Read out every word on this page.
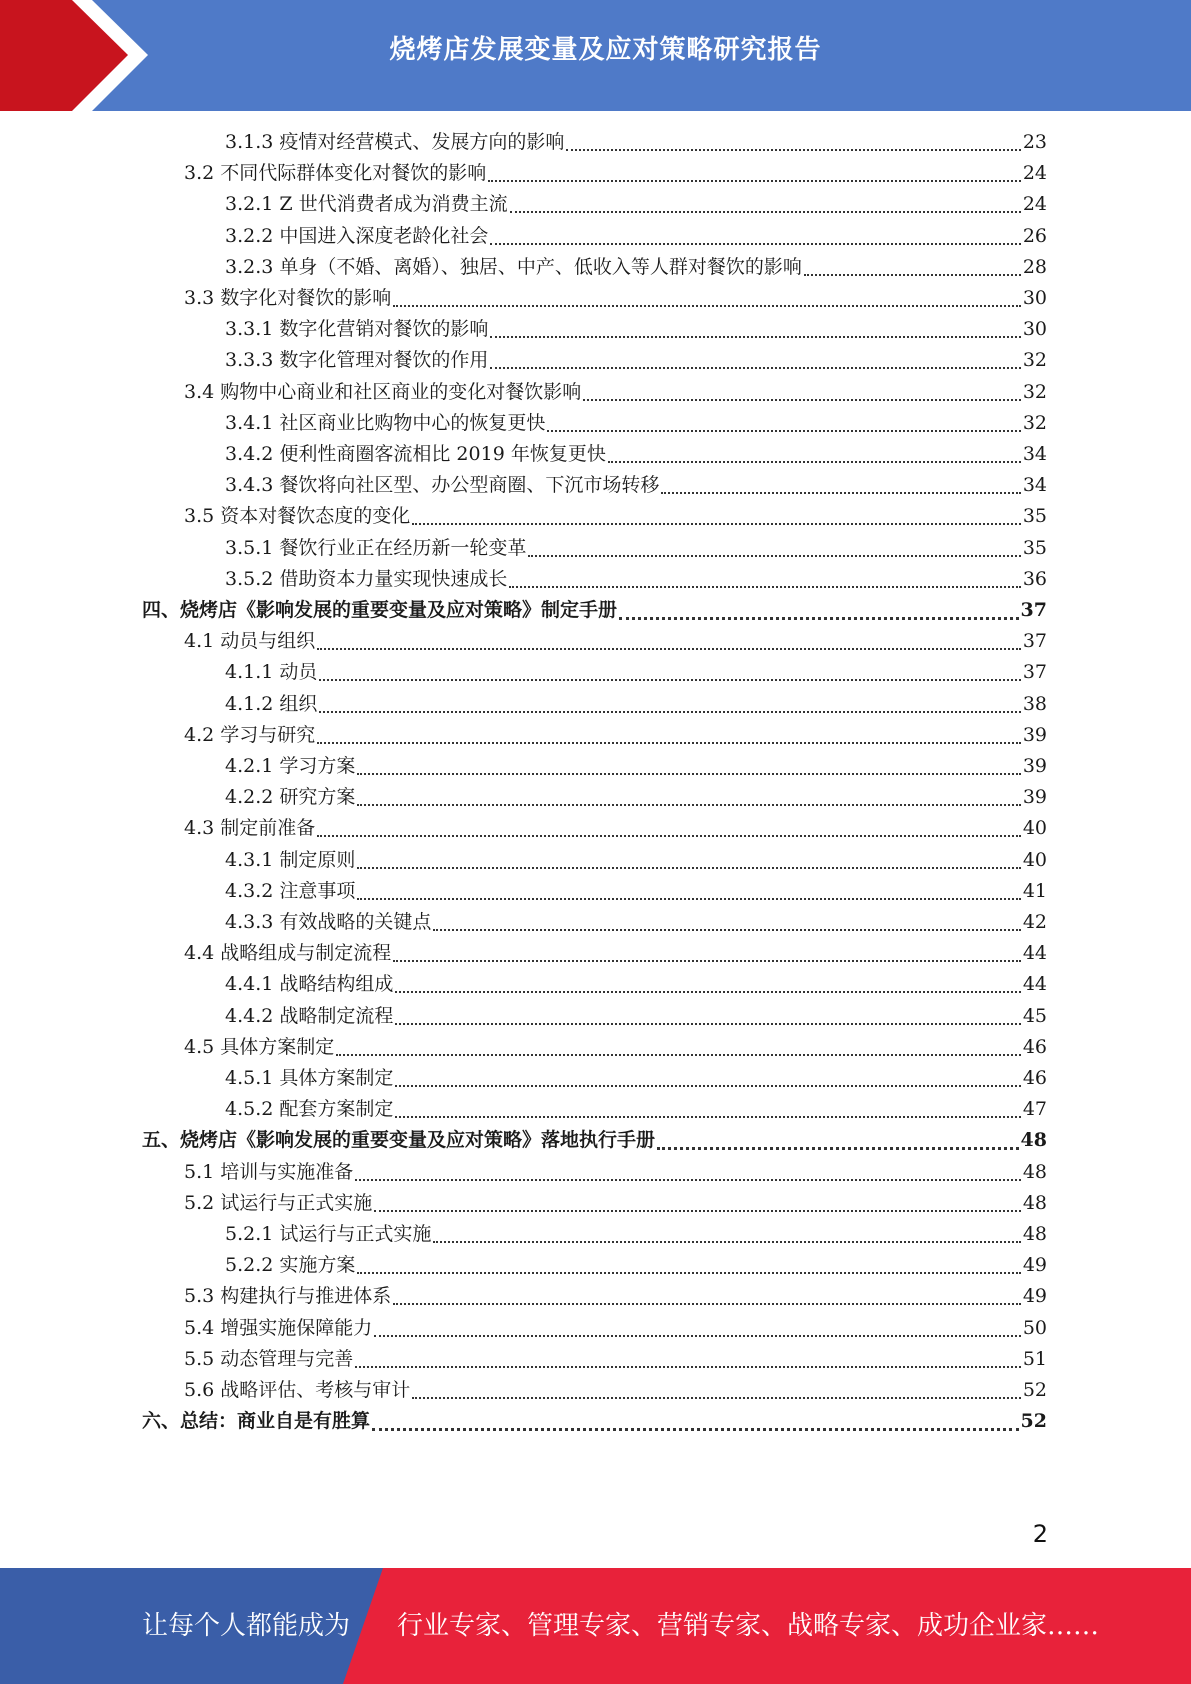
烧烤店发展变量及应对策略研究报告
3.1.3 疫情对经营模式、发展方向的影响	23
3.2 不同代际群体变化对餐饮的影响	24
3.2.1 Z 世代消费者成为消费主流	24
3.2.2 中国进入深度老龄化社会	26
3.2.3 单身（不婚、离婚）、独居、中产、低收入等人群对餐饮的影响	28
3.3 数字化对餐饮的影响	30
3.3.1 数字化营销对餐饮的影响	30
3.3.3 数字化管理对餐饮的作用	32
3.4 购物中心商业和社区商业的变化对餐饮影响	32
3.4.1 社区商业比购物中心的恢复更快	32
3.4.2 便利性商圈客流相比 2019 年恢复更快	34
3.4.3 餐饮将向社区型、办公型商圈、下沉市场转移	34
3.5 资本对餐饮态度的变化	35
3.5.1 餐饮行业正在经历新一轮变革	35
3.5.2 借助资本力量实现快速成长	36
四、烧烤店《影响发展的重要变量及应对策略》制定手册	37
4.1 动员与组织	37
4.1.1 动员	37
4.1.2 组织	38
4.2 学习与研究	39
4.2.1 学习方案	39
4.2.2 研究方案	39
4.3 制定前准备	40
4.3.1 制定原则	40
4.3.2 注意事项	41
4.3.3 有效战略的关键点	42
4.4 战略组成与制定流程	44
4.4.1 战略结构组成	44
4.4.2 战略制定流程	45
4.5 具体方案制定	46
4.5.1 具体方案制定	46
4.5.2 配套方案制定	47
五、烧烤店《影响发展的重要变量及应对策略》落地执行手册	48
5.1 培训与实施准备	48
5.2 试运行与正式实施	48
5.2.1 试运行与正式实施	48
5.2.2 实施方案	49
5.3 构建执行与推进体系	49
5.4 增强实施保障能力	50
5.5 动态管理与完善	51
5.6 战略评估、考核与审计	52
六、总结：商业自是有胜算	52
2
让每个人都能成为 行业专家、管理专家、营销专家、战略专家、成功企业家……
